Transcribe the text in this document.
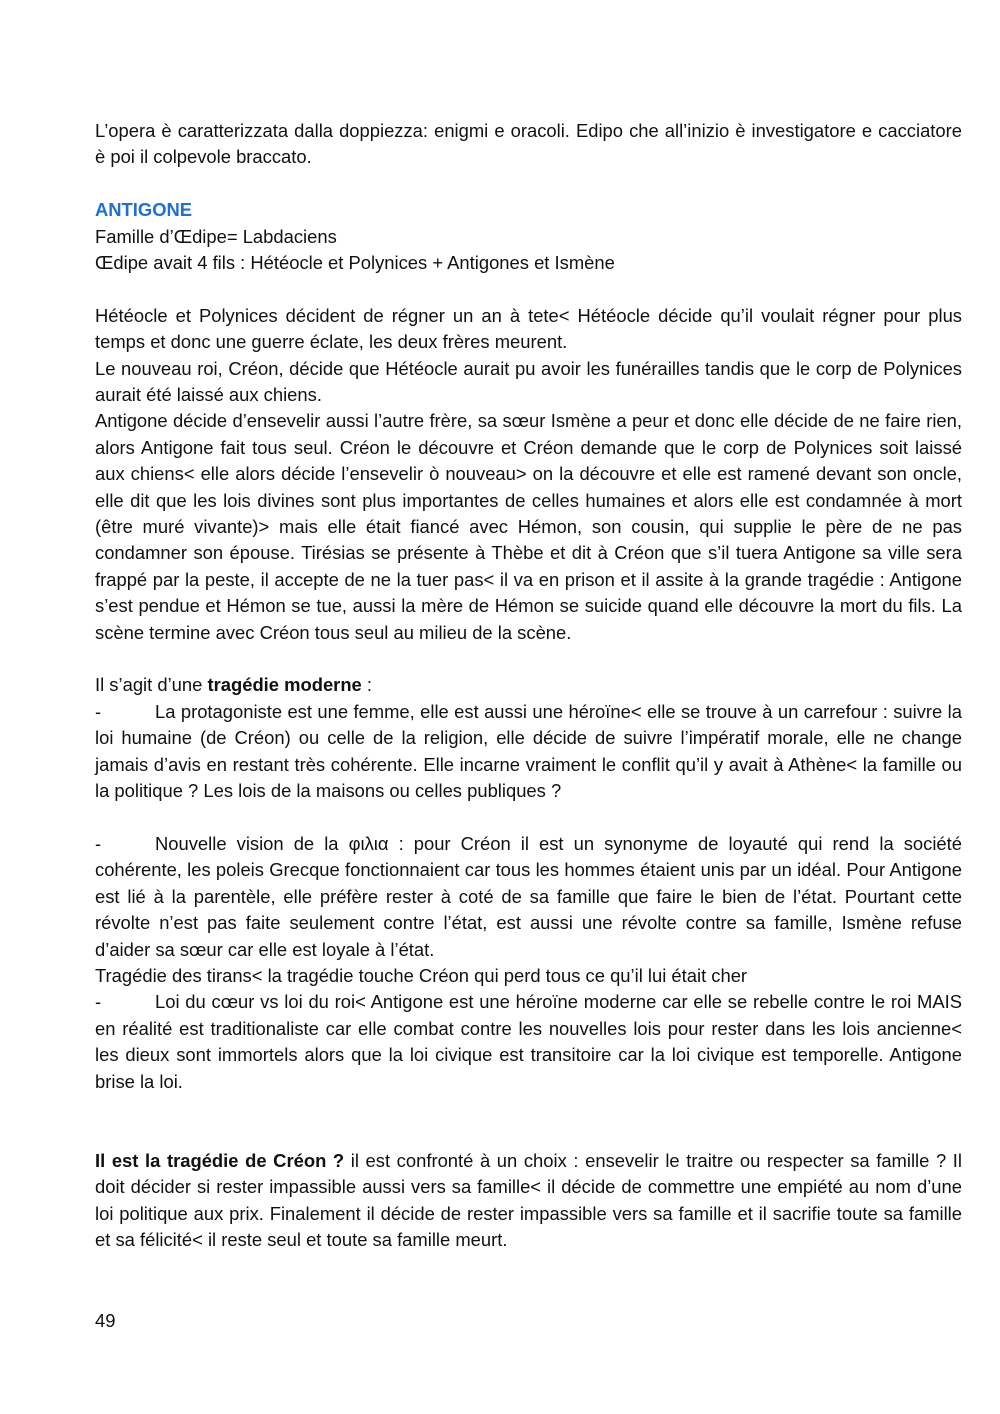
L’opera è caratterizzata dalla doppiezza: enigmi e oracoli. Edipo che all’inizio è investigatore e cacciatore è poi il colpevole braccato.

ANTIGONE

Famille d’Œdipe= Labdaciens

Œdipe avait 4 fils : Hétéocle et Polynices + Antigones et Ismène

Hétéocle et Polynices décident de régner un an à tete< Hétéocle décide qu’il voulait régner pour plus temps et donc une guerre éclate, les deux frères meurent.

Le nouveau roi, Créon, décide que Hétéocle aurait pu avoir les funérailles tandis que le corp de Polynices aurait été laissé aux chiens.

Antigone décide d’ensevelir aussi l’autre frère, sa sœur Ismène a peur et donc elle décide de ne faire rien, alors Antigone fait tous seul. Créon le découvre et Créon demande que le corp de Polynices soit laissé aux chiens< elle alors décide l’ensevelir ò nouveau> on la découvre et elle est ramené devant son oncle, elle dit que les lois divines sont plus importantes de celles humaines et alors elle est condamnée à mort (être muré vivante)> mais elle était fiancé avec Hémon, son cousin, qui supplie le père de ne pas condamner son épouse. Tirésias se présente à Thèbe et dit à Créon que s’il tuera Antigone sa ville sera frappé par la peste, il accepte de ne la tuer pas< il va en prison et il assite à la grande tragédie : Antigone s’est pendue et Hémon se tue, aussi la mère de Hémon se suicide quand elle découvre la mort du fils. La scène termine avec Créon tous seul au milieu de la scène.

Il s’agit d’une tragédie moderne :

-	La protagoniste est une femme, elle est aussi une héroïne< elle se trouve à un carrefour : suivre la loi humaine (de Créon) ou celle de la religion, elle décide de suivre l’impératif morale, elle ne change jamais d’avis en restant très cohérente. Elle incarne vraiment le conflit qu’il y avait à Athène< la famille ou la politique ? Les lois de la maisons ou celles publiques ?

-	Nouvelle vision de la φιλια : pour Créon il est un synonyme de loyauté qui rend la société cohérente, les poleis Grecque fonctionnaient car tous les hommes étaient unis par un idéal. Pour Antigone est lié à la parentèle, elle préfère rester à coté de sa famille que faire le bien de l’état. Pourtant cette révolte n’est pas faite seulement contre l’état, est aussi une révolte contre sa famille, Ismène refuse d’aider sa sœur car elle est loyale à l’état.

Tragédie des tirans< la tragédie touche Créon qui perd tous ce qu’il lui était cher

-	Loi du cœur vs loi du roi< Antigone est une héroïne moderne car elle se rebelle contre le roi MAIS en réalité est traditionaliste car elle combat contre les nouvelles lois pour rester dans les lois ancienne< les dieux sont immortels alors que la loi civique est transitoire car la loi civique est temporelle. Antigone brise la loi.

Il est la tragédie de Créon ? il est confronté à un choix : ensevelir le traitre ou respecter sa famille ? Il doit décider si rester impassible aussi vers sa famille< il décide de commettre une empiété au nom d’une loi politique aux prix. Finalement il décide de rester impassible vers sa famille et il sacrifie toute sa famille et sa félicité< il reste seul et toute sa famille meurt.

49
